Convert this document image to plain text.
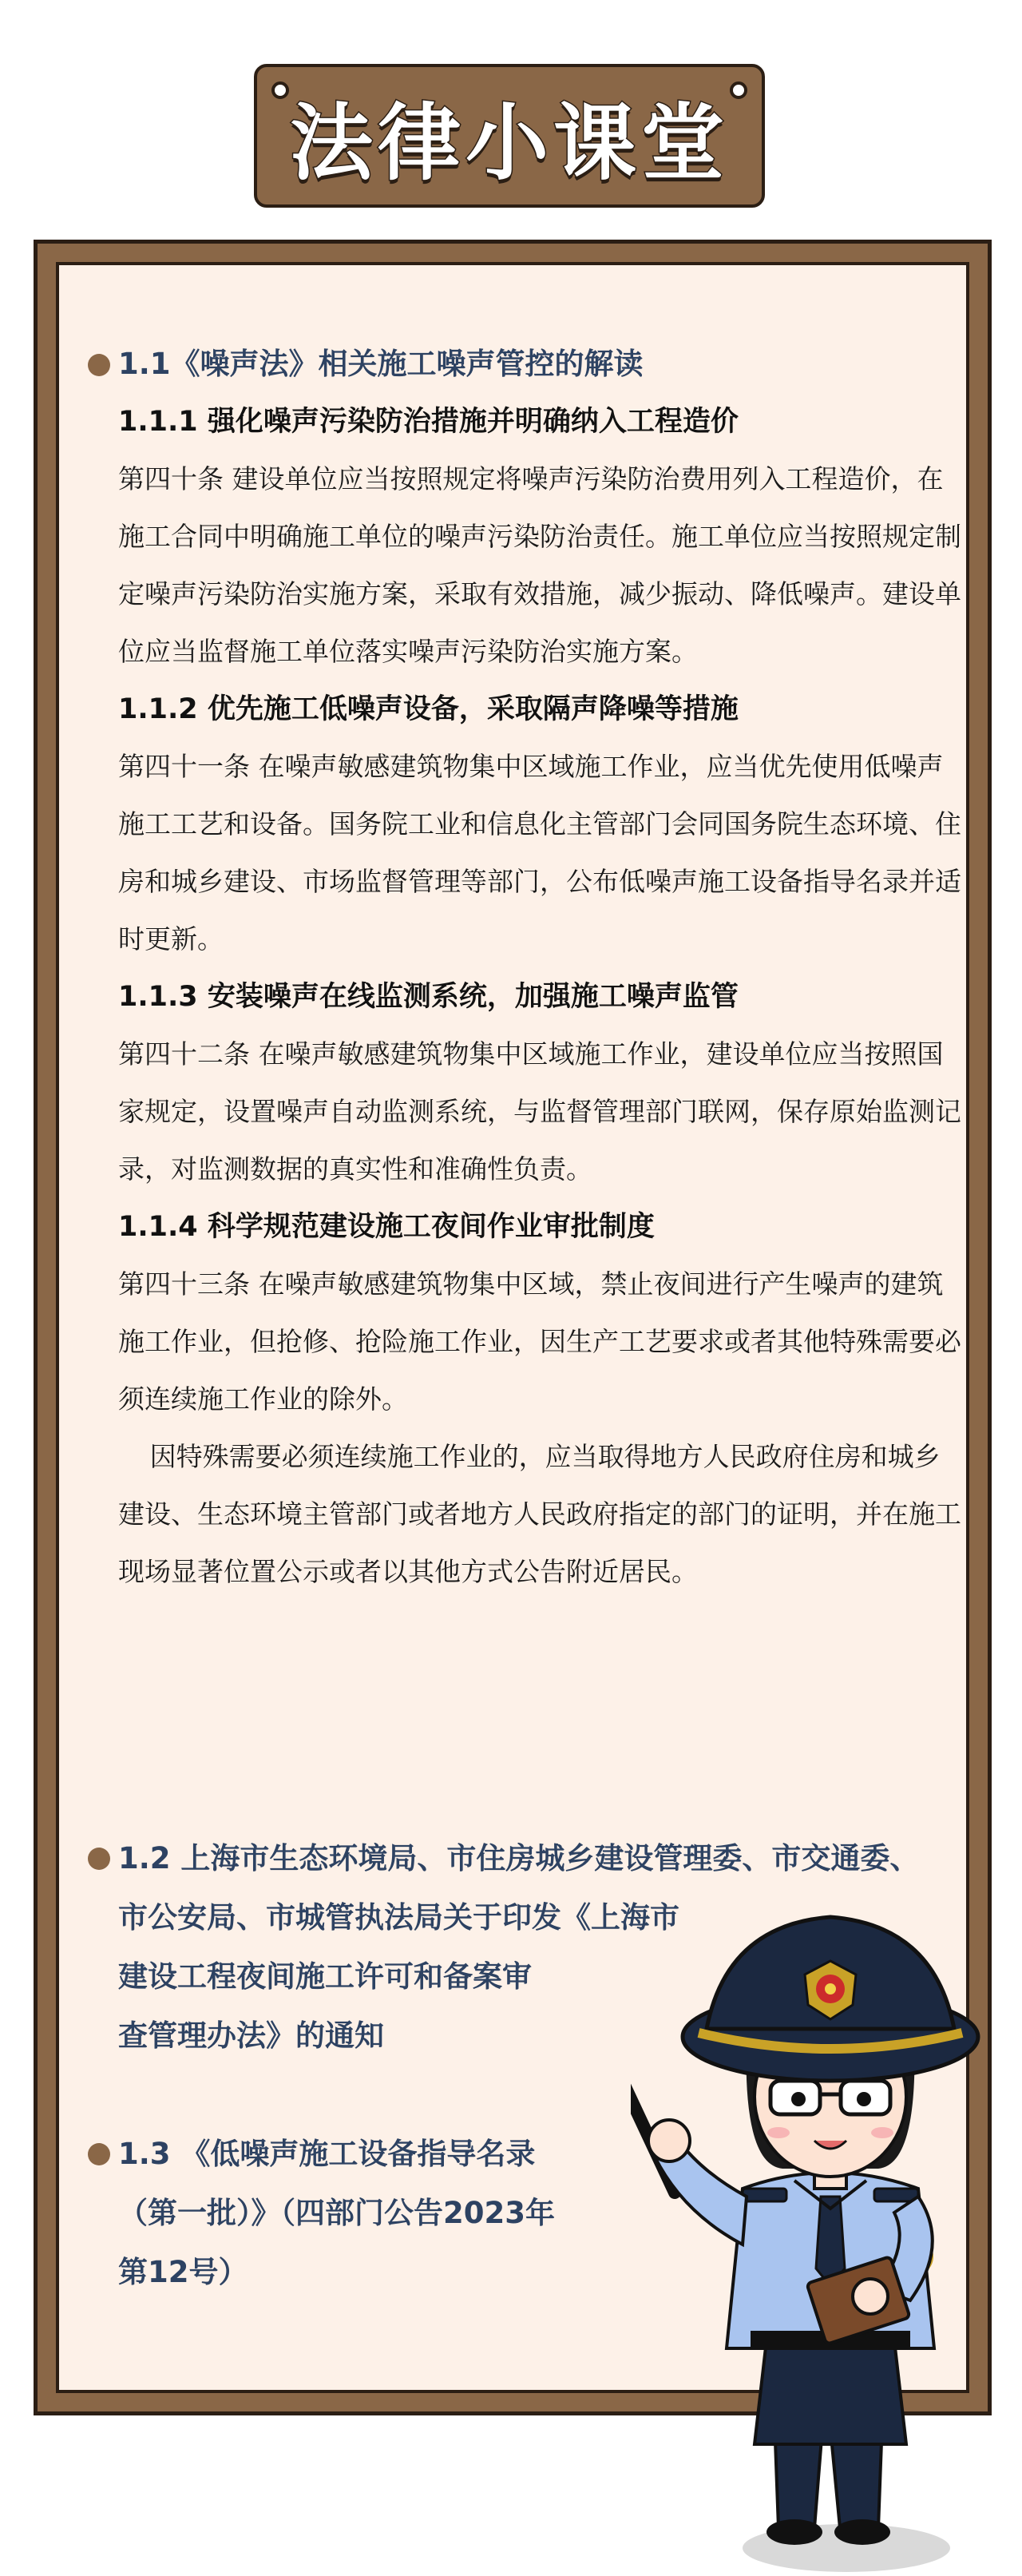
法律小课堂
1.1《噪声法》相关施工噪声管控的解读
1.1.1 强化噪声污染防治措施并明确纳入工程造价

第四十条 建设单位应当按照规定将噪声污染防治费用列入工程造价，在施工合同中明确施工单位的噪声污染防治责任。施工单位应当按照规定制定噪声污染防治实施方案，采取有效措施，减少振动、降低噪声。建设单位应当监督施工单位落实噪声污染防治实施方案。

1.1.2 优先施工低噪声设备，采取隔声降噪等措施

第四十一条 在噪声敏感建筑物集中区域施工作业，应当优先使用低噪声施工工艺和设备。国务院工业和信息化主管部门会同国务院生态环境、住房和城乡建设、市场监督管理等部门，公布低噪声施工设备指导名录并适时更新。

1.1.3 安装噪声在线监测系统，加强施工噪声监管

第四十二条 在噪声敏感建筑物集中区域施工作业，建设单位应当按照国家规定，设置噪声自动监测系统，与监督管理部门联网，保存原始监测记录，对监测数据的真实性和准确性负责。

1.1.4 科学规范建设施工夜间作业审批制度

第四十三条 在噪声敏感建筑物集中区域，禁止夜间进行产生噪声的建筑施工作业，但抢修、抢险施工作业，因生产工艺要求或者其他特殊需要必须连续施工作业的除外。

因特殊需要必须连续施工作业的，应当取得地方人民政府住房和城乡建设、生态环境主管部门或者地方人民政府指定的部门的证明，并在施工现场显著位置公示或者以其他方式公告附近居民。

1.2 上海市生态环境局、市住房城乡建设管理委、市交通委、
市公安局、市城管执法局关于印发《上海市
建设工程夜间施工许可和备案审
查管理办法》的通知
1.3 《低噪声施工设备指导名录
（第一批）》（四部门公告2023年
第12号）
